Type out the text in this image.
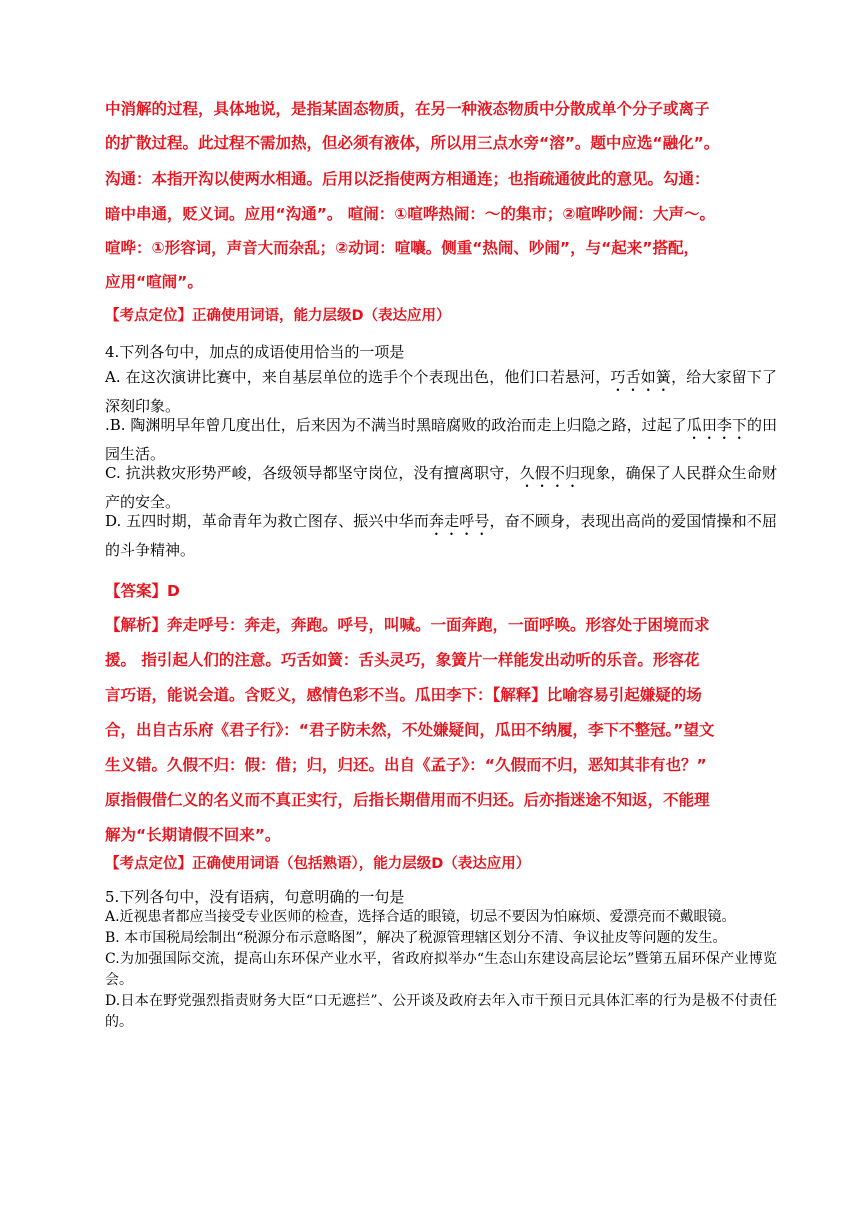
中消解的过程，具体地说，是指某固态物质，在另一种液态物质中分散成单个分子或离子
的扩散过程。此过程不需加热，但必须有液体，所以用三点水旁“溶”。题中应选“融化”。
沟通：本指开沟以使两水相通。后用以泛指使两方相通连；也指疏通彼此的意见。勾通：
暗中串通，贬义词。应用“沟通”。 喧闹：①喧哗热闹：～的集市；②喧哗吵闹：大声～。
喧哗：①形容词，声音大而杂乱；②动词：喧嚷。侧重“热闹、吵闹”，与“起来”搭配，
应用“喧闹”。
【考点定位】正确使用词语，能力层级D（表达应用）
4.下列各句中，加点的成语使用恰当的一项是

A. 在这次演讲比赛中，来自基层单位的选手个个表现出色，他们口若悬河，巧舌如簧，给大家留下了深刻印象。

.B. 陶渊明早年曾几度出仕，后来因为不满当时黑暗腐败的政治而走上归隐之路，过起了瓜田李下的田园生活。

C. 抗洪救灾形势严峻，各级领导都坚守岗位，没有擅离职守，久假不归现象，确保了人民群众生命财产的安全。

D. 五四时期，革命青年为救亡图存、振兴中华而奔走呼号，奋不顾身，表现出高尚的爱国情操和不屈的斗争精神。

【答案】D
【解析】奔走呼号：奔走，奔跑。呼号，叫喊。一面奔跑，一面呼唤。形容处于困境而求
援。 指引起人们的注意。巧舌如簧：舌头灵巧，象簧片一样能发出动听的乐音。形容花
言巧语，能说会道。含贬义，感情色彩不当。瓜田李下：【解释】比喻容易引起嫌疑的场
合，出自古乐府《君子行》：“君子防未然，不处嫌疑间，瓜田不纳履，李下不整冠。”望文
生义错。久假不归：假：借；归，归还。出自《孟子》：“久假而不归，恶知其非有也？”
原指假借仁义的名义而不真正实行，后指长期借用而不归还。后亦指迷途不知返，不能理
解为“长期请假不回来”。
【考点定位】正确使用词语（包括熟语），能力层级D（表达应用）
5.下列各句中，没有语病，句意明确的一句是

A.近视患者都应当接受专业医师的检查，选择合适的眼镜，切忌不要因为怕麻烦、爱漂亮而不戴眼镜。

B. 本市国税局绘制出“税源分布示意略图”，解决了税源管理辖区划分不清、争议扯皮等问题的发生。

C.为加强国际交流，提高山东环保产业水平，省政府拟举办“生态山东建设高层论坛”暨第五届环保产业博览会。

D.日本在野党强烈指责财务大臣“口无遮拦”、公开谈及政府去年入市干预日元具体汇率的行为是极不付责任的。
